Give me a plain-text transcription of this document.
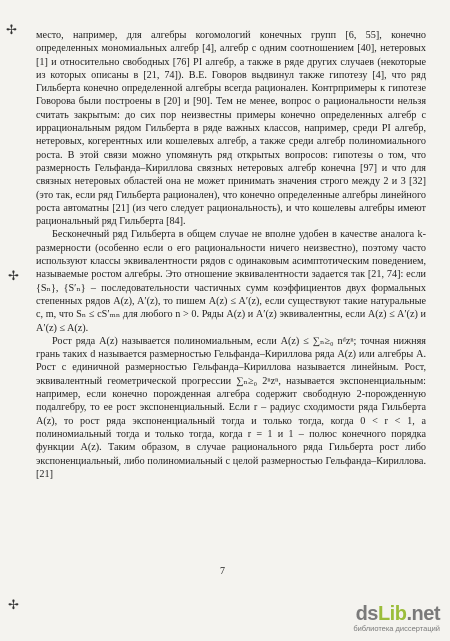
✢
✢
✢

место, например, для алгебры когомологий конечных групп [6, 55], конечно определенных мономиальных алгебр [4], алгебр с одним соотношением [40], нетеровых [1] и относительно свободных [76] PI алгебр, а также в ряде других случаев (некоторые из которых описаны в [21, 74]). В.Е. Говоров выдвинул также гипотезу [4], что ряд Гильберта конечно определенной алгебры всегда рационален. Контрпримеры к гипотезе Говорова были построены в [20] и [90]. Тем не менее, вопрос о рациональности нельзя считать закрытым: до сих пор неизвестны примеры конечно определенных алгебр с иррациональным рядом Гильберта в ряде важных классов, например, среди PI алгебр, нетеровых, когерентных или кошелевых алгебр, а также среди алгебр полиномиального роста. В этой связи можно упомянуть ряд открытых вопросов: гипотезы о том, что размерность Гельфанда–Кириллова связных нетеровых алгебр конечна [97] и что для связных нетеровых областей она не может принимать значения строго между 2 и 3 [32] (это так, если ряд Гильберта рационален), что конечно определенные алгебры линейного роста автоматны [21] (из чего следует рациональность), и что кошелевы алгебры имеют рациональный ряд Гильберта [84].

Бесконечный ряд Гильберта в общем случае не вполне удобен в качестве аналога k-размерности (особенно если о его рациональности ничего неизвестно), поэтому часто используют классы эквивалентности рядов с одинаковым асимптотическим поведением, называемые ростом алгебры. Это отношение эквивалентности задается так [21, 74]: если {Sₙ}, {S′ₙ} – последовательности частичных сумм коэффициентов двух формальных степенных рядов A(z), A′(z), то пишем A(z) ≤ A′(z), если существуют такие натуральные c, m, что Sₙ ≤ cS′ₘₙ для любого n > 0. Ряды A(z) и A′(z) эквивалентны, если A(z) ≤ A′(z) и A′(z) ≤ A(z).

Рост ряда A(z) называется полиномиальным, если A(z) ≤ ∑ₙ≥₀ nᵈzⁿ; точная нижняя грань таких d называется размерностью Гельфанда–Кириллова ряда A(z) или алгебры A. Рост с единичной размерностью Гельфанда–Кириллова называется линейным. Рост, эквивалентный геометрической прогрессии ∑ₙ≥₀ 2ⁿzⁿ, называется экспоненциальным: например, если конечно порожденная алгебра содержит свободную 2-порожденную подалгебру, то ее рост экспоненциальный. Если r – радиус сходимости ряда Гильберта A(z), то рост ряда экспоненциальный тогда и только тогда, когда 0 < r < 1, а полиномиальный тогда и только тогда, когда r = 1 и 1 – полюс конечного порядка функции A(z). Таким образом, в случае рационального ряда Гильберта рост либо экспоненциальный, либо полиномиальный с целой размерностью Гельфанда–Кириллова. [21]

7
dsLib.net
библиотека диссертаций
